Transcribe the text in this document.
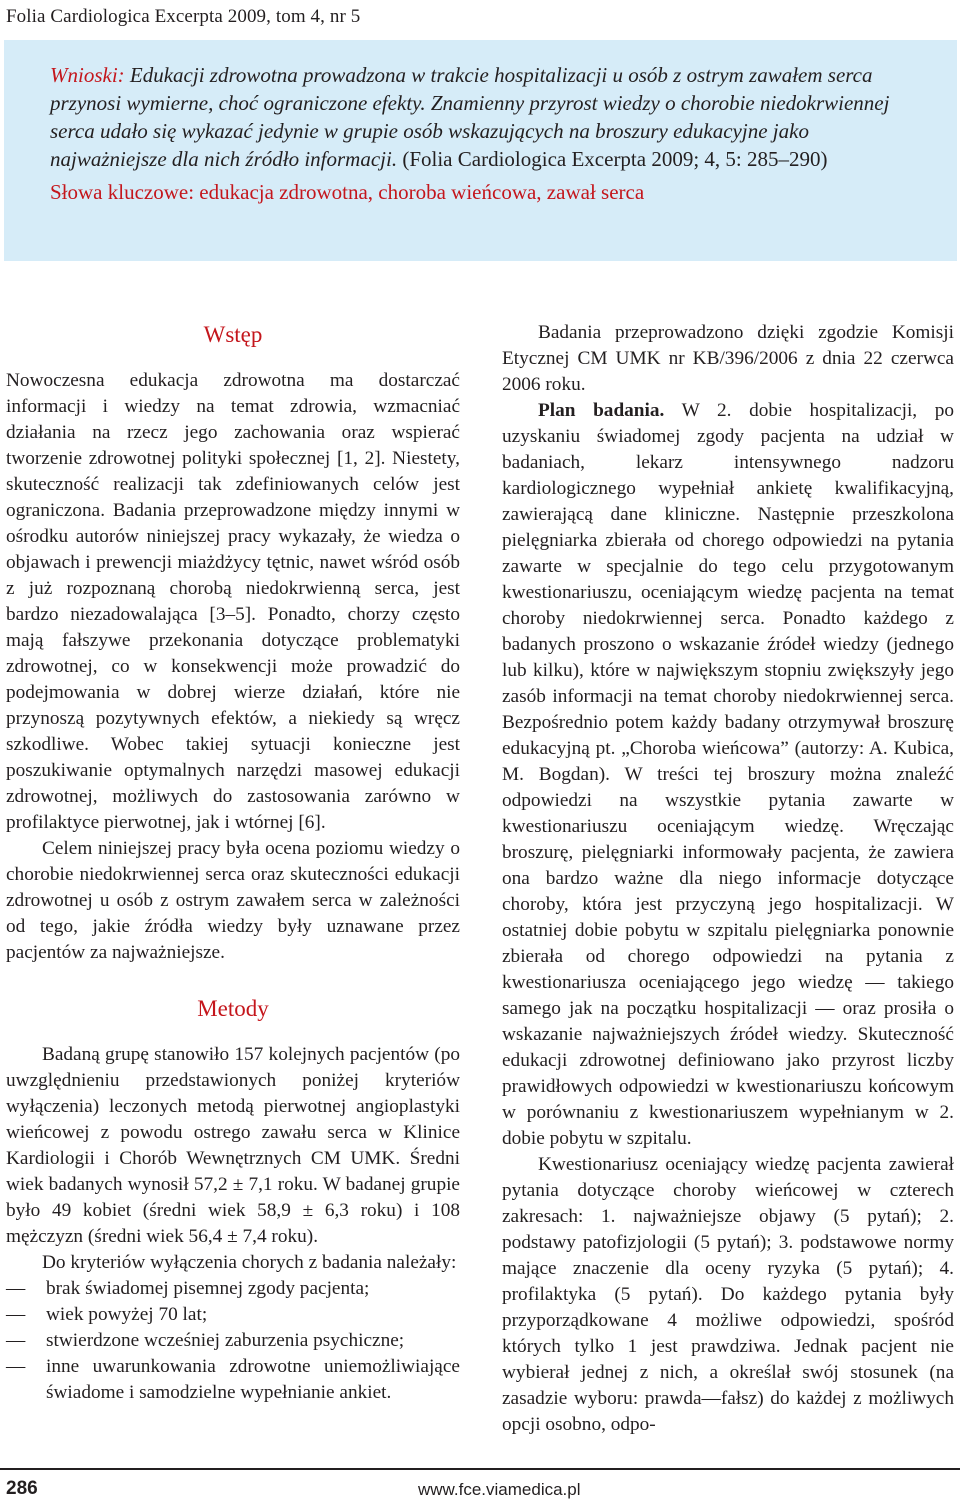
Folia Cardiologica Excerpta 2009, tom 4, nr 5

Wnioski: Edukacji zdrowotna prowadzona w trakcie hospitalizacji u osób z ostrym zawałem serca przynosi wymierne, choć ograniczone efekty. Znamienny przyrost wiedzy o chorobie niedokrwiennej serca udało się wykazać jedynie w grupie osób wskazujących na broszury edukacyjne jako najważniejsze dla nich źródło informacji. (Folia Cardiologica Excerpta 2009; 4, 5: 285–290)

Słowa kluczowe: edukacja zdrowotna, choroba wieńcowa, zawał serca

Wstęp

Nowoczesna edukacja zdrowotna ma dostarczać informacji i wiedzy na temat zdrowia, wzmacniać działania na rzecz jego zachowania oraz wspierać tworzenie zdrowotnej polityki społecznej [1, 2]. Niestety, skuteczność realizacji tak zdefiniowanych celów jest ograniczona. Badania przeprowadzone między innymi w ośrodku autorów niniejszej pracy wykazały, że wiedza o objawach i prewencji miażdżycy tętnic, nawet wśród osób z już rozpoznaną chorobą niedokrwienną serca, jest bardzo niezadowalająca [3–5]. Ponadto, chorzy często mają fałszywe przekonania dotyczące problematyki zdrowotnej, co w konsekwencji może prowadzić do podejmowania w dobrej wierze działań, które nie przynoszą pozytywnych efektów, a niekiedy są wręcz szkodliwe. Wobec takiej sytuacji konieczne jest poszukiwanie optymalnych narzędzi masowej edukacji zdrowotnej, możliwych do zastosowania zarówno w profilaktyce pierwotnej, jak i wtórnej [6].

Celem niniejszej pracy była ocena poziomu wiedzy o chorobie niedokrwiennej serca oraz skuteczności edukacji zdrowotnej u osób z ostrym zawałem serca w zależności od tego, jakie źródła wiedzy były uznawane przez pacjentów za najważniejsze.

Metody

Badaną grupę stanowiło 157 kolejnych pacjentów (po uwzględnieniu przedstawionych poniżej kryteriów wyłączenia) leczonych metodą pierwotnej angioplastyki wieńcowej z powodu ostrego zawału serca w Klinice Kardiologii i Chorób Wewnętrznych CM UMK. Średni wiek badanych wynosił 57,2 ± 7,1 roku. W badanej grupie było 49 kobiet (średni wiek 58,9 ± 6,3 roku) i 108 mężczyzn (średni wiek 56,4 ± 7,4 roku).

Do kryteriów wyłączenia chorych z badania należały:

— brak świadomej pisemnej zgody pacjenta;
— wiek powyżej 70 lat;
— stwierdzone wcześniej zaburzenia psychiczne;
— inne uwarunkowania zdrowotne uniemożliwiające świadome i samodzielne wypełnianie ankiet.

Badania przeprowadzono dzięki zgodzie Komisji Etycznej CM UMK nr KB/396/2006 z dnia 22 czerwca 2006 roku.

Plan badania. W 2. dobie hospitalizacji, po uzyskaniu świadomej zgody pacjenta na udział w badaniach, lekarz intensywnego nadzoru kardiologicznego wypełniał ankietę kwalifikacyjną, zawierającą dane kliniczne. Następnie przeszkolona pielęgniarka zbierała od chorego odpowiedzi na pytania zawarte w specjalnie do tego celu przygotowanym kwestionariuszu, oceniającym wiedzę pacjenta na temat choroby niedokrwiennej serca. Ponadto każdego z badanych proszono o wskazanie źródeł wiedzy (jednego lub kilku), które w największym stopniu zwiększyły jego zasób informacji na temat choroby niedokrwiennej serca. Bezpośrednio potem każdy badany otrzymywał broszurę edukacyjną pt. „Choroba wieńcowa” (autorzy: A. Kubica, M. Bogdan). W treści tej broszury można znaleźć odpowiedzi na wszystkie pytania zawarte w kwestionariuszu oceniającym wiedzę. Wręczając broszurę, pielęgniarki informowały pacjenta, że zawiera ona bardzo ważne dla niego informacje dotyczące choroby, która jest przyczyną jego hospitalizacji. W ostatniej dobie pobytu w szpitalu pielęgniarka ponownie zbierała od chorego odpowiedzi na pytania z kwestionariusza oceniającego jego wiedzę — takiego samego jak na początku hospitalizacji — oraz prosiła o wskazanie najważniejszych źródeł wiedzy. Skuteczność edukacji zdrowotnej definiowano jako przyrost liczby prawidłowych odpowiedzi w kwestionariuszu końcowym w porównaniu z kwestionariuszem wypełnianym w 2. dobie pobytu w szpitalu.

Kwestionariusz oceniający wiedzę pacjenta zawierał pytania dotyczące choroby wieńcowej w czterech zakresach: 1. najważniejsze objawy (5 pytań); 2. podstawy patofizjologii (5 pytań); 3. podstawowe normy mające znaczenie dla oceny ryzyka (5 pytań); 4. profilaktyka (5 pytań). Do każdego pytania były przyporządkowane 4 możliwe odpowiedzi, spośród których tylko 1 jest prawdziwa. Jednak pacjent nie wybierał jednej z nich, a określał swój stosunek (na zasadzie wyboru: prawda—fałsz) do każdej z możliwych opcji osobno, odpo-

286	www.fce.viamedica.pl
